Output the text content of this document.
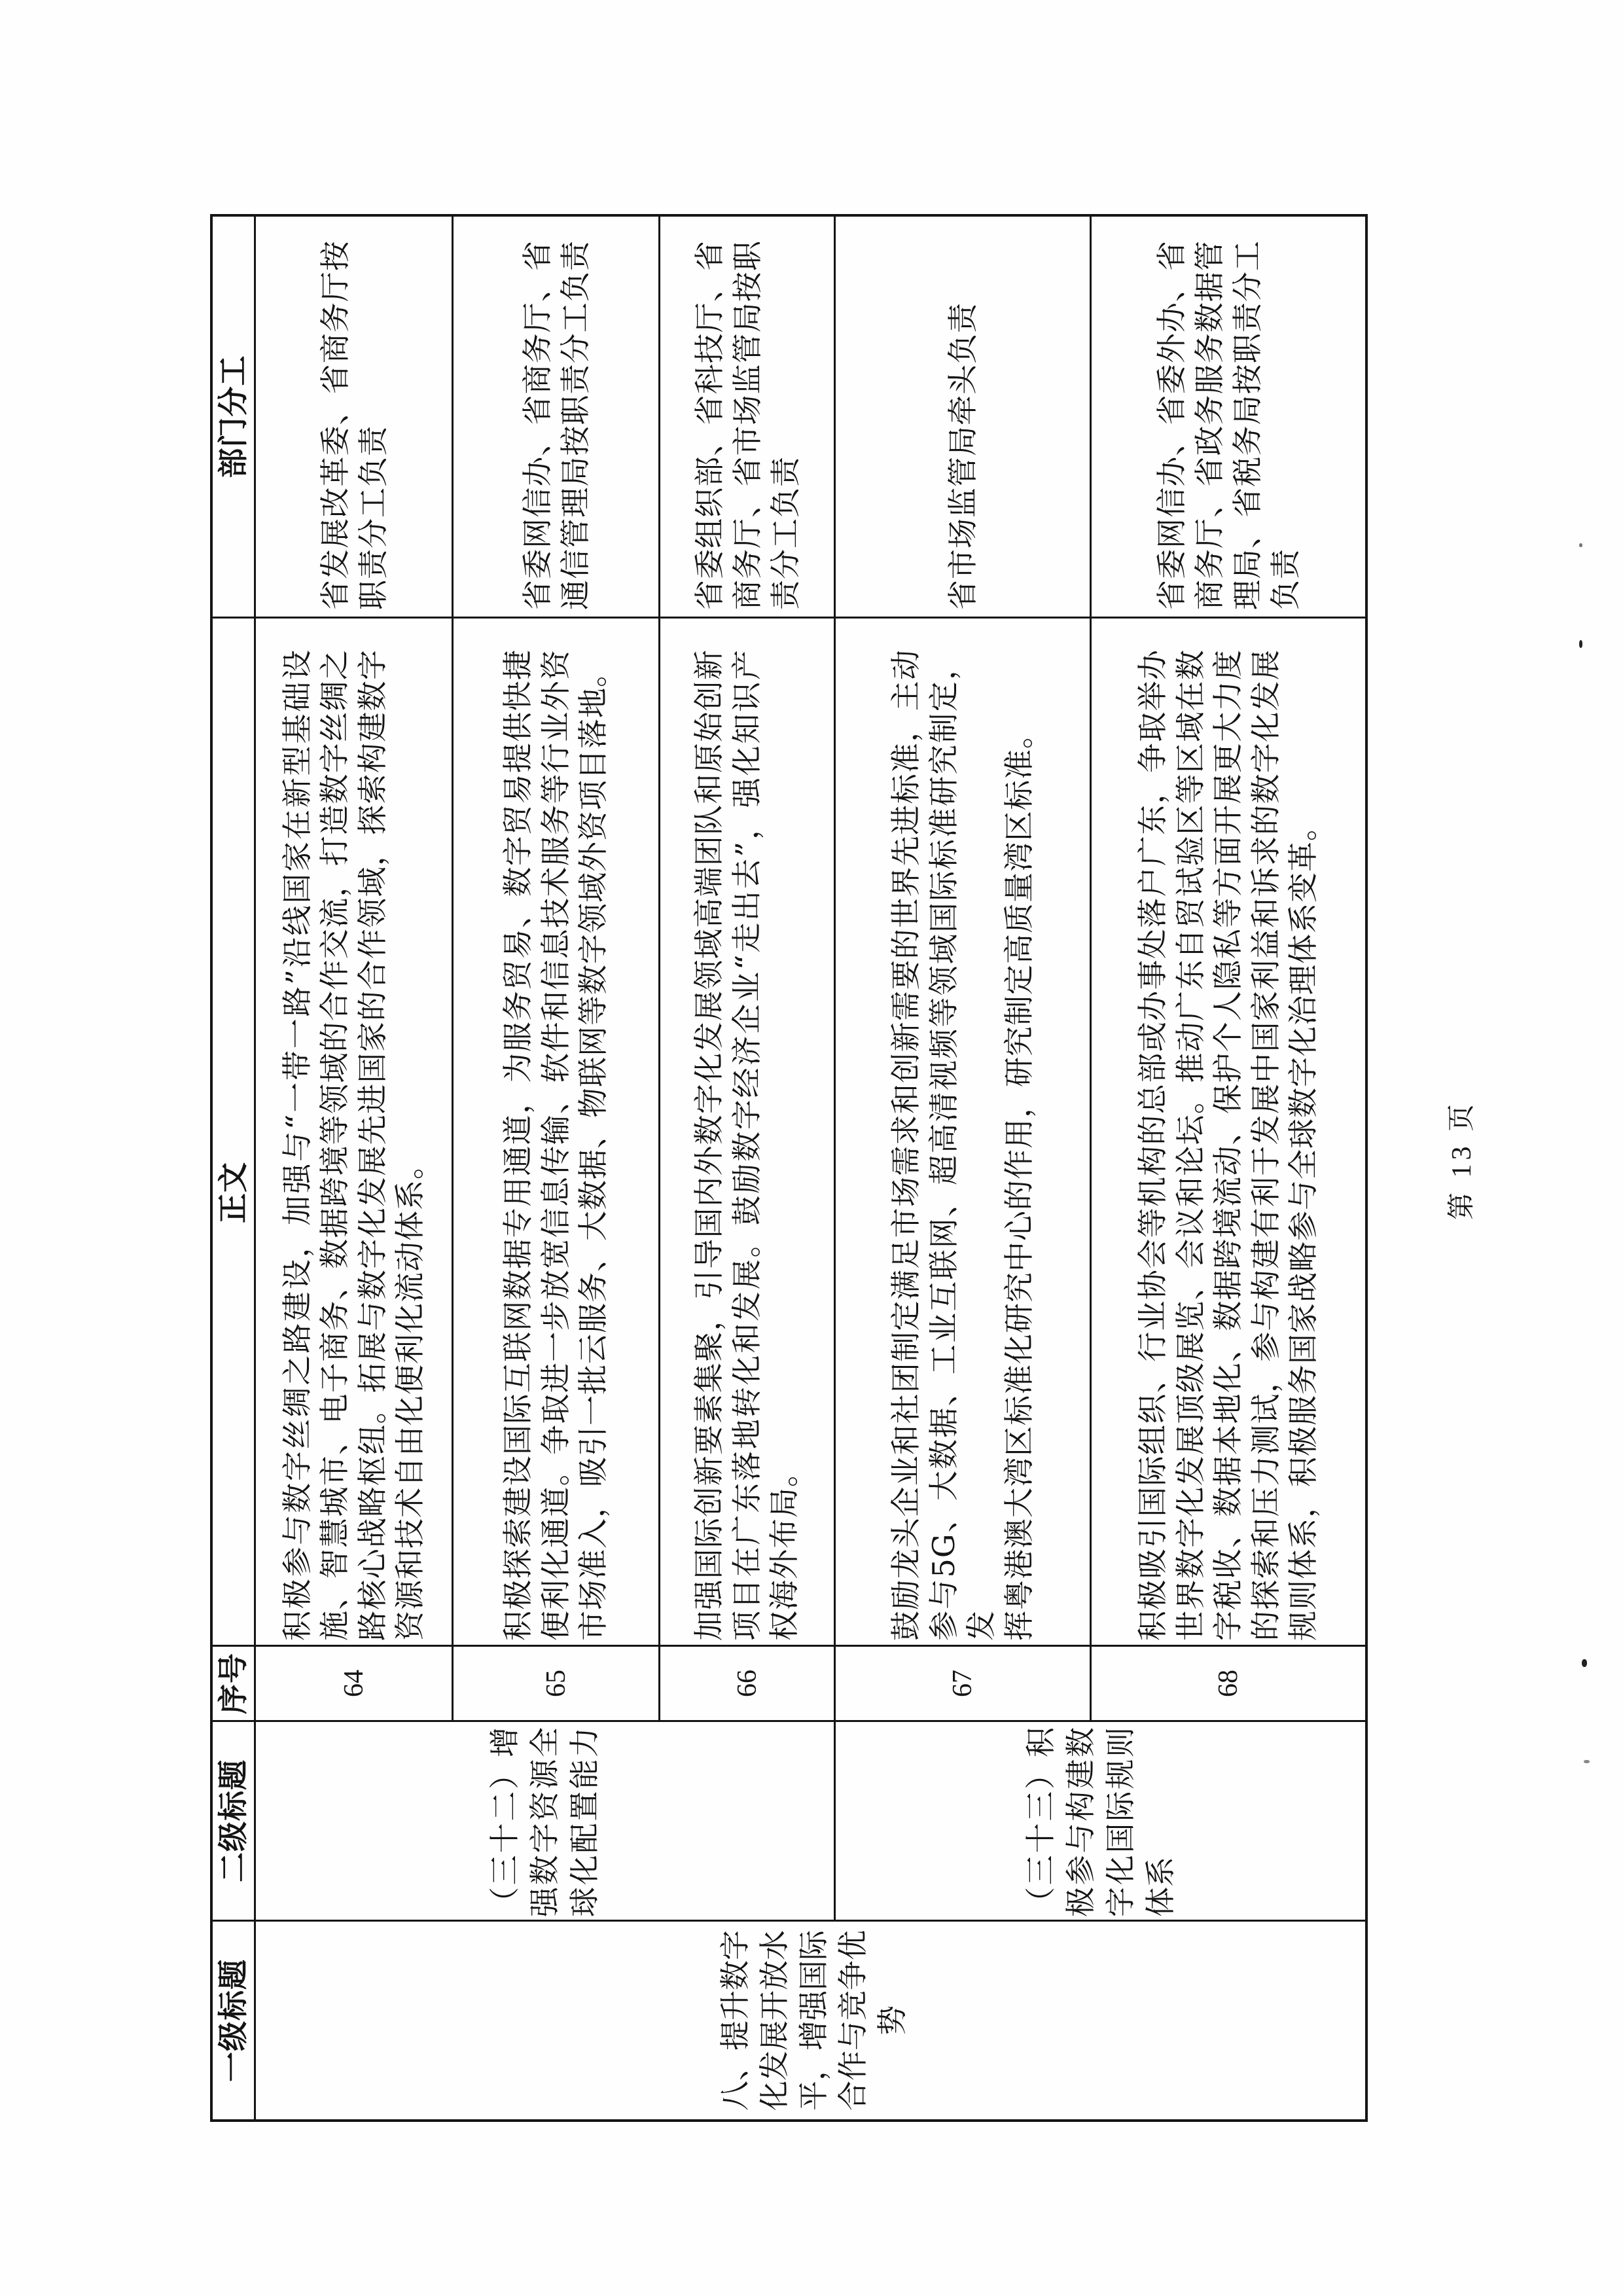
一级标题
二级标题
序号
正文
部门分工
八、提升数字 化发展开放水 平，增强国际 合作与竞争优 势
（三十二）增 强数字资源全 球化配置能力	（三十三）积 极参与构建数 字化国际规则 体系
64
积极参与数字丝绸之路建设，加强与“一带一路”沿线国家在新型基础设 施、智慧城市、电子商务、数据跨境等领域的合作交流，打造数字丝绸之 路核心战略枢纽。拓展与数字化发展先进国家的合作领域，探索构建数字 资源和技术自由化便利化流动体系。
省发展改革委、省商务厅按 职责分工负责
65
积极探索建设国际互联网数据专用通道，为服务贸易、数字贸易提供快捷 便利化通道。争取进一步放宽信息传输、软件和信息技术服务等行业外资 市场准入，吸引一批云服务、大数据、物联网等数字领域外资项目落地。
省委网信办、省商务厅、省 通信管理局按职责分工负责
66
加强国际创新要素集聚，引导国内外数字化发展领域高端团队和原始创新 项目在广东落地转化和发展。鼓励数字经济企业“走出去”，强化知识产 权海外布局。
省委组织部、省科技厅、省 商务厅、省市场监管局按职 责分工负责
67
鼓励龙头企业和社团制定满足市场需求和创新需要的世界先进标准，主动 参与5G、大数据、工业互联网、超高清视频等领域国际标准研究制定，发 挥粤港澳大湾区标准化研究中心的作用，研究制定高质量湾区标准。
省市场监管局牵头负责
68
积极吸引国际组织、行业协会等机构的总部或办事处落户广东，争取举办 世界数字化发展顶级展览、会议和论坛。推动广东自贸试验区等区域在数 字税收、数据本地化、数据跨境流动、保护个人隐私等方面开展更大力度 的探索和压力测试，参与构建有利于发展中国家利益和诉求的数字化发展 规则体系，积极服务国家战略参与全球数字化治理体系变革。
省委网信办、省委外办、省 商务厅、省政务服务数据管 理局、省税务局按职责分工 负责
第 13 页
